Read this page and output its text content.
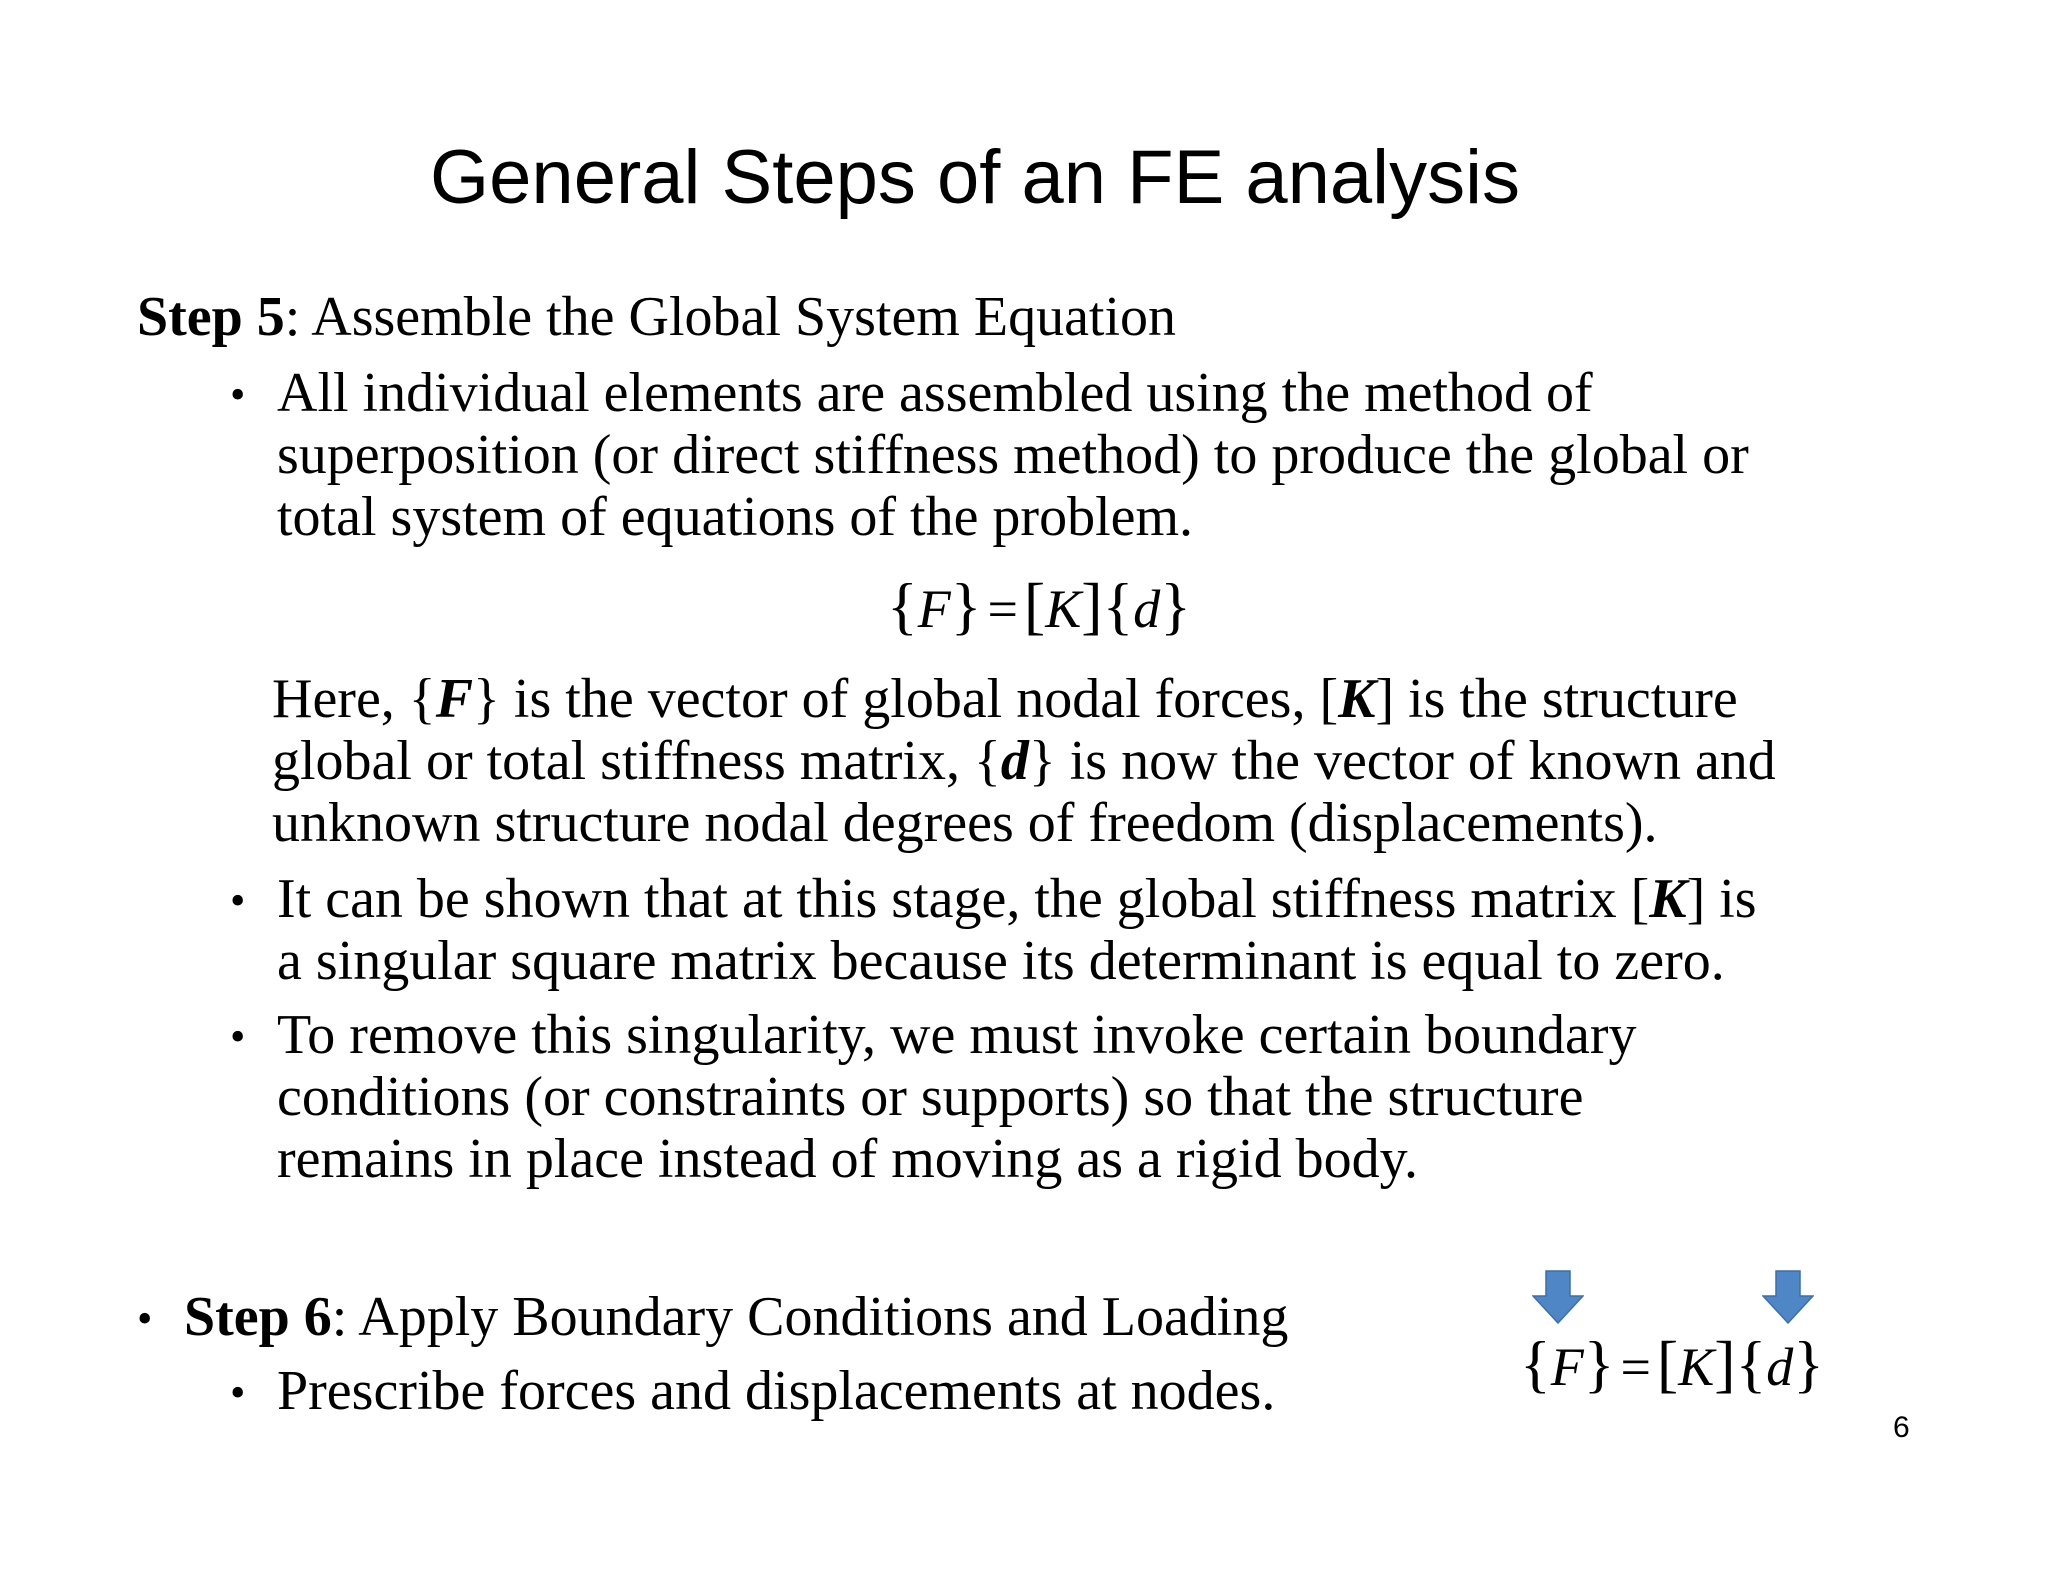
General Steps of an FE analysis
Step 5: Assemble the Global System Equation
• All individual elements are assembled using the method of
superposition (or direct stiffness method) to produce the global or
total system of equations of the problem.
{F} =[K]{d}
Here, {F} is the vector of global nodal forces, [K] is the structure
global or total stiffness matrix, {d} is now the vector of known and
unknown structure nodal degrees of freedom (displacements).
• It can be shown that at this stage, the global stiffness matrix [K] is
a singular square matrix because its determinant is equal to zero.
• To remove this singularity, we must invoke certain boundary
conditions (or constraints or supports) so that the structure
remains in place instead of moving as a rigid body.
• Step 6: Apply Boundary Conditions and Loading
• Prescribe forces and displacements at nodes.	{F} =[K]{d}
6
